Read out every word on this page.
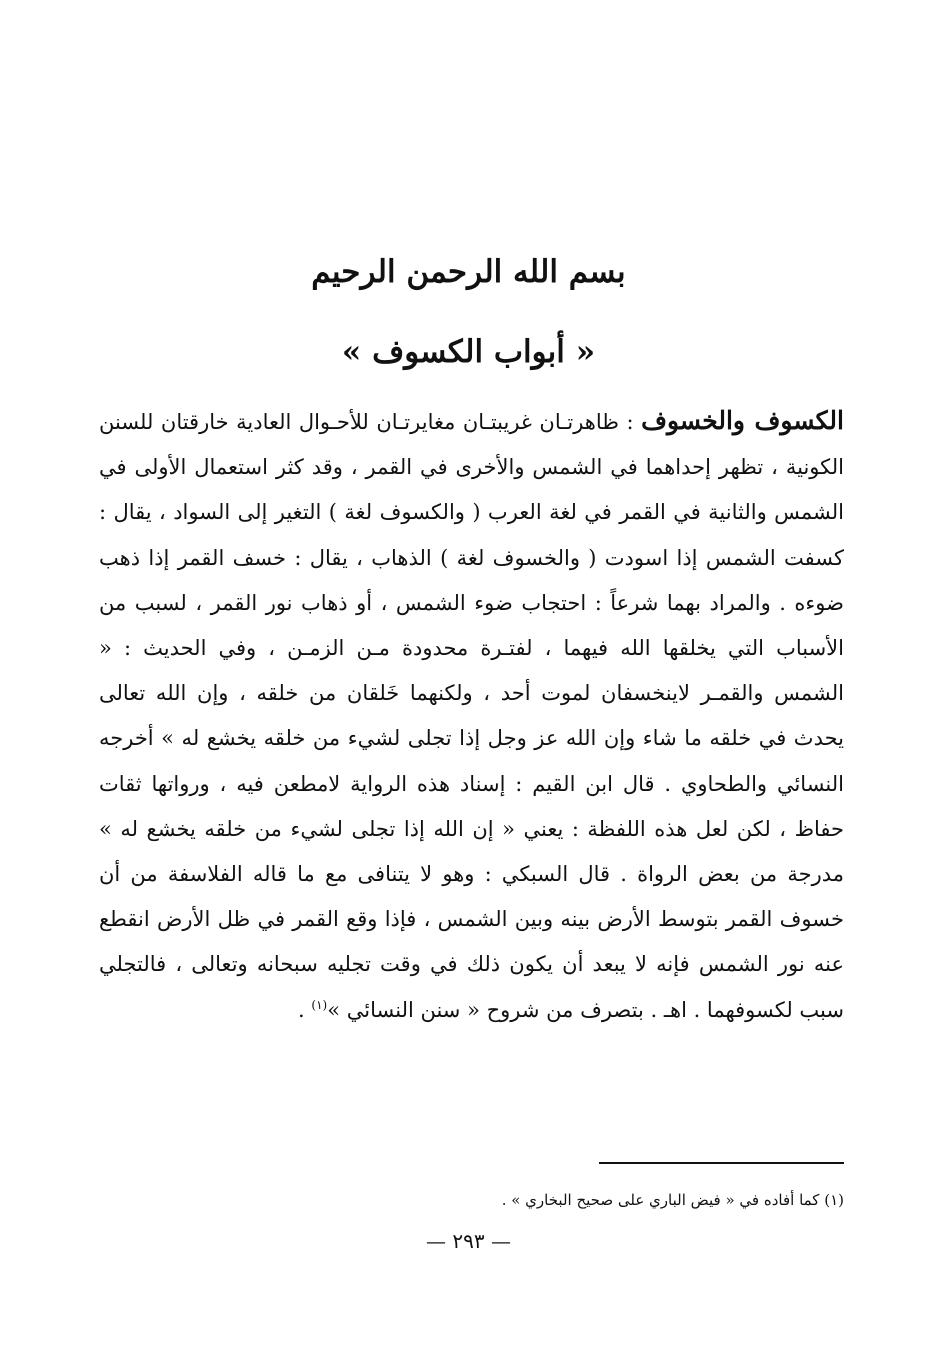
بسم الله الرحمن الرحيم
« أبواب الكسوف »
الكسوف والخسوف : ظاهرتـان غريبتـان مغايرتـان للأحـوال العادية خارقتان للسنن الكونية ، تظهر إحداهما في الشمس والأخرى في القمر ، وقد كثر استعمال الأولى في الشمس والثانية في القمر في لغة العرب ( والكسوف لغة ) التغير إلى السواد ، يقال : كسفت الشمس إذا اسودت ( والخسوف لغة ) الذهاب ، يقال : خسف القمر إذا ذهب ضوءه . والمراد بهما شرعاً : احتجاب ضوء الشمس ، أو ذهاب نور القمر ، لسبب من الأسباب التي يخلقها الله فيهما ، لفتـرة محدودة مـن الزمـن ، وفي الحديث : « الشمس والقمـر لاينخسفان لموت أحد ، ولكنهما خَلقان من خلقه ، وإن الله تعالى يحدث في خلقه ما شاء وإن الله عز وجل إذا تجلى لشيء من خلقه يخشع له » أخرجه النسائي والطحاوي . قال ابن القيم : إسناد هذه الرواية لامطعن فيه ، ورواتها ثقات حفاظ ، لكن لعل هذه اللفظة : يعني « إن الله إذا تجلى لشيء من خلقه يخشع له » مدرجة من بعض الرواة . قال السبكي : وهو لا يتنافى مع ما قاله الفلاسفة من أن خسوف القمر بتوسط الأرض بينه وبين الشمس ، فإذا وقع القمر في ظل الأرض انقطع عنه نور الشمس فإنه لا يبعد أن يكون ذلك في وقت تجليه سبحانه وتعالى ، فالتجلي سبب لكسوفهما . اهـ . بتصرف من شروح « سنن النسائي »$^{(١)}$ .
(١) كما أفاده في « فيض الباري على صحيح البخاري » .
— ٢٩٣ —
